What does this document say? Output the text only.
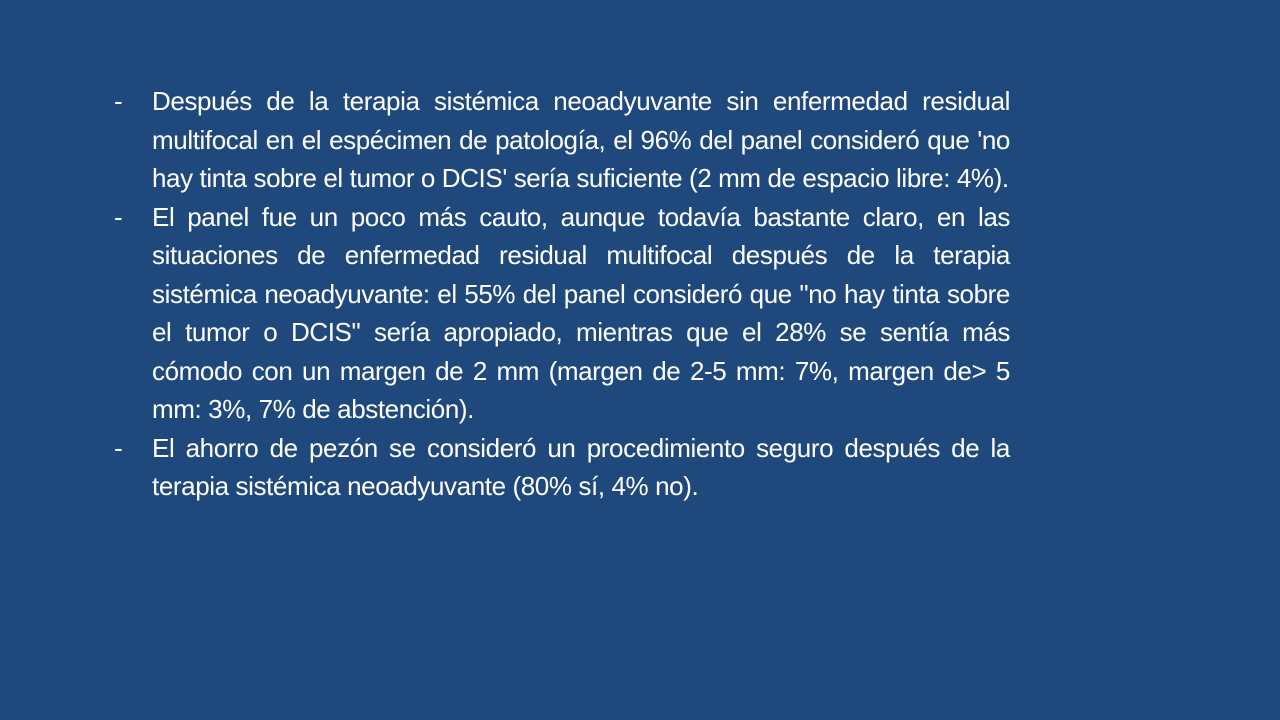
-	Después de la terapia sistémica neoadyuvante sin enfermedad residual multifocal en el espécimen de patología, el 96% del panel consideró que 'no hay tinta sobre el tumor o DCIS' sería suficiente (2 mm de espacio libre: 4%).
-	El panel fue un poco más cauto, aunque todavía bastante claro, en las situaciones de enfermedad residual multifocal después de la terapia sistémica neoadyuvante: el 55% del panel consideró que "no hay tinta sobre el tumor o DCIS" sería apropiado, mientras que el 28% se sentía más cómodo con un margen de 2 mm (margen de 2-5 mm: 7%, margen de> 5 mm: 3%, 7% de abstención).
-	El ahorro de pezón se consideró un procedimiento seguro después de la terapia sistémica neoadyuvante (80% sí, 4% no).
